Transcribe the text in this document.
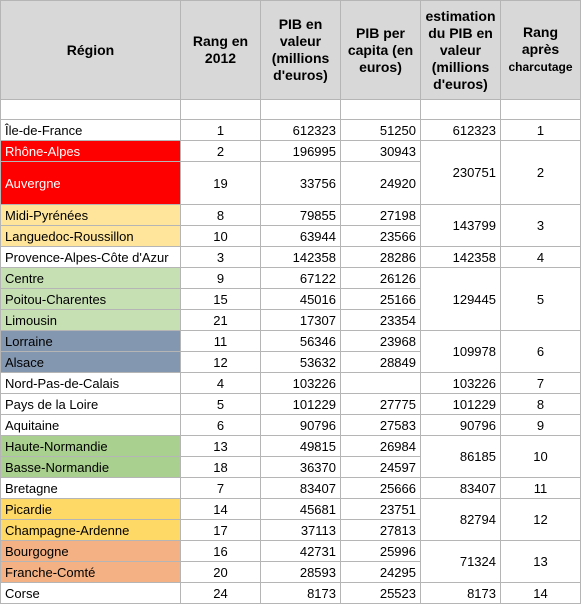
Région	Rang en 2012	PIB en valeur (millions d'euros)	PIB per capita (en euros)	estimation du PIB en valeur (millions d'euros)	Rang après
charcutage

Île-de-France	1	612323	51250	612323	1
Rhône-Alpes	2	196995	30943	230751	2
Auvergne	19	33756	24920		
Midi-Pyrénées	8	79855	27198	143799	3
Languedoc-Roussillon	10	63944	23566		
Provence-Alpes-Côte d'Azur	3	142358	28286	142358	4
Centre	9	67122	26126	129445	5
Poitou-Charentes	15	45016	25166		
Limousin	21	17307	23354		
Lorraine	11	56346	23968	109978	6
Alsace	12	53632	28849		
Nord-Pas-de-Calais	4	103226		103226	7
Pays de la Loire	5	101229	27775	101229	8
Aquitaine	6	90796	27583	90796	9
Haute-Normandie	13	49815	26984	86185	10
Basse-Normandie	18	36370	24597		
Bretagne	7	83407	25666	83407	11
Picardie	14	45681	23751	82794	12
Champagne-Ardenne	17	37113	27813		
Bourgogne	16	42731	25996	71324	13
Franche-Comté	20	28593	24295		
Corse	24	8173	25523	8173	14
